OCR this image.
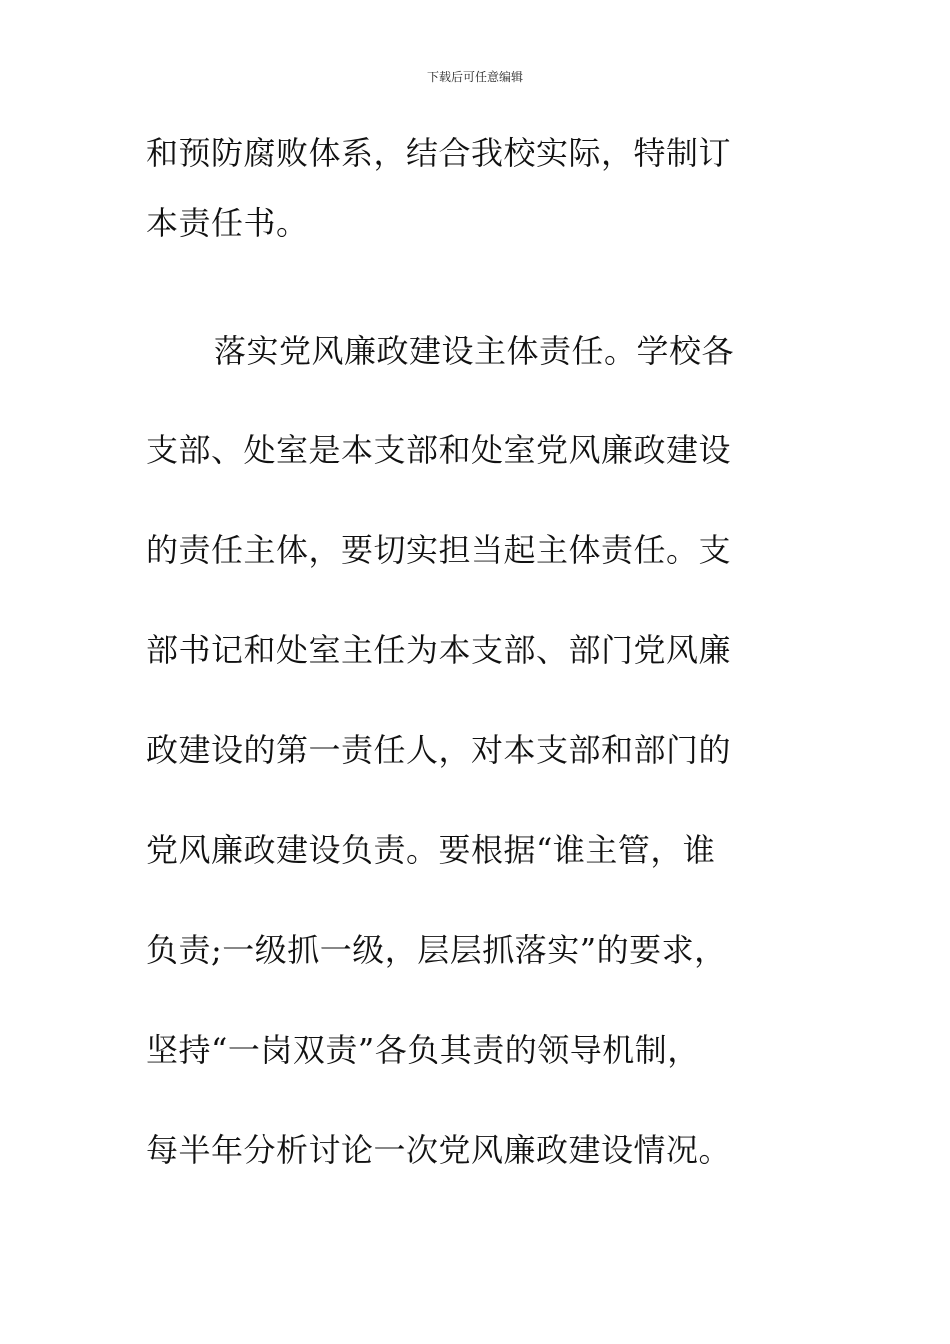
下载后可任意编辑
和预防腐败体系，结合我校实际，特制订
本责任书。
落实党风廉政建设主体责任。学校各
支部、处室是本支部和处室党风廉政建设
的责任主体，要切实担当起主体责任。支
部书记和处室主任为本支部、部门党风廉
政建设的第一责任人，对本支部和部门的
党风廉政建设负责。要根据“谁主管，谁
负责;一级抓一级，层层抓落实”的要求，
坚持“一岗双责”各负其责的领导机制，
每半年分析讨论一次党风廉政建设情况。
